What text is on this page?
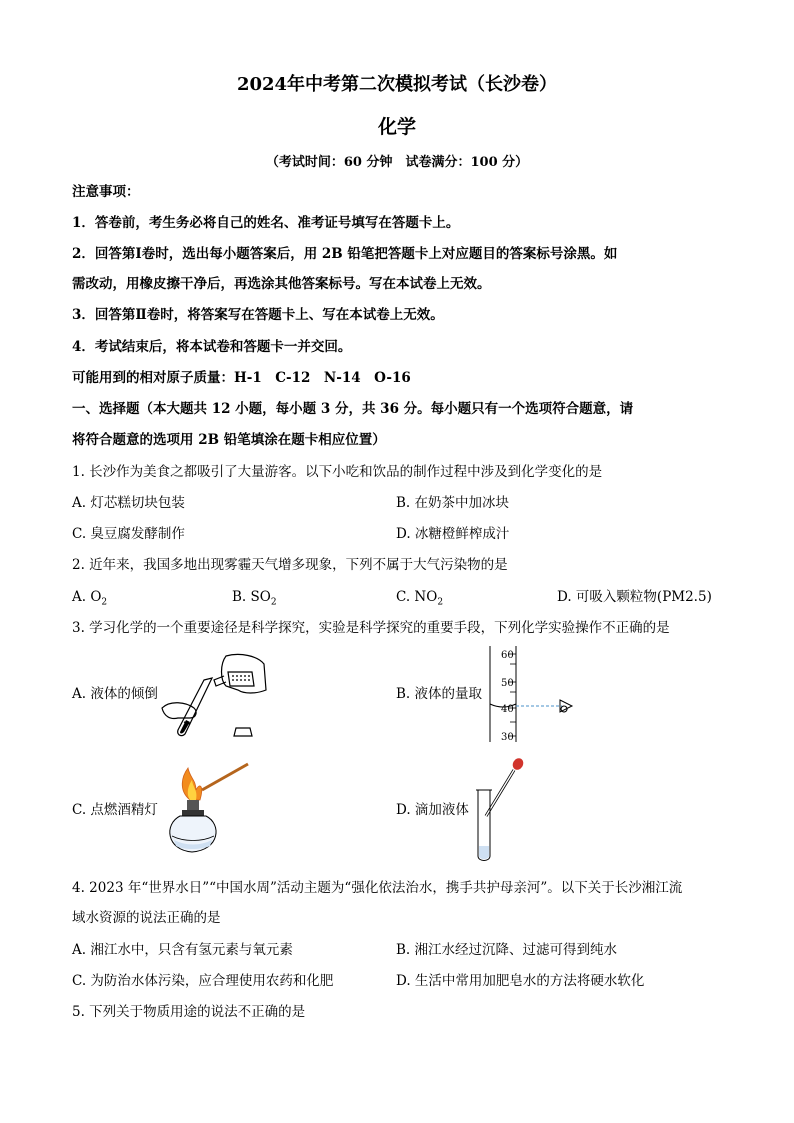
2024年中考第二次模拟考试（长沙卷）
化学
（考试时间：60 分钟　试卷满分：100 分）
注意事项：
1．答卷前，考生务必将自己的姓名、准考证号填写在答题卡上。
2．回答第Ⅰ卷时，选出每小题答案后，用 2B 铅笔把答题卡上对应题目的答案标号涂黑。如
需改动，用橡皮擦干净后，再选涂其他答案标号。写在本试卷上无效。
3．回答第Ⅱ卷时，将答案写在答题卡上、写在本试卷上无效。
4．考试结束后，将本试卷和答题卡一并交回。
可能用到的相对原子质量：H-1　C-12　N-14　O-16
一、选择题（本大题共 12 小题，每小题 3 分，共 36 分。每小题只有一个选项符合题意，请
将符合题意的选项用 2B 铅笔填涂在题卡相应位置）
1. 长沙作为美食之都吸引了大量游客。以下小吃和饮品的制作过程中涉及到化学变化的是
A. 灯芯糕切块包装	B. 在奶茶中加冰块
C. 臭豆腐发酵制作	D. 冰糖橙鲜榨成汁
2. 近年来，我国多地出现雾霾天气增多现象，下列不属于大气污染物的是
A. $O_2$	B. $SO_2$	C. $NO_2$	D. 可吸入颗粒物(PM2.5)
3. 学习化学的一个重要途径是科学探究，实验是科学探究的重要手段，下列化学实验操作不正确的是
A. 液体的倾倒	B. 液体的量取
C. 点燃酒精灯	D. 滴加液体
60
50
40
30
4. 2023 年“世界水日”“中国水周”活动主题为“强化依法治水，携手共护母亲河”。以下关于长沙湘江流
域水资源的说法正确的是
A. 湘江水中，只含有氢元素与氧元素	B. 湘江水经过沉降、过滤可得到纯水
C. 为防治水体污染，应合理使用农药和化肥	D. 生活中常用加肥皂水的方法将硬水软化
5. 下列关于物质用途的说法不正确的是
